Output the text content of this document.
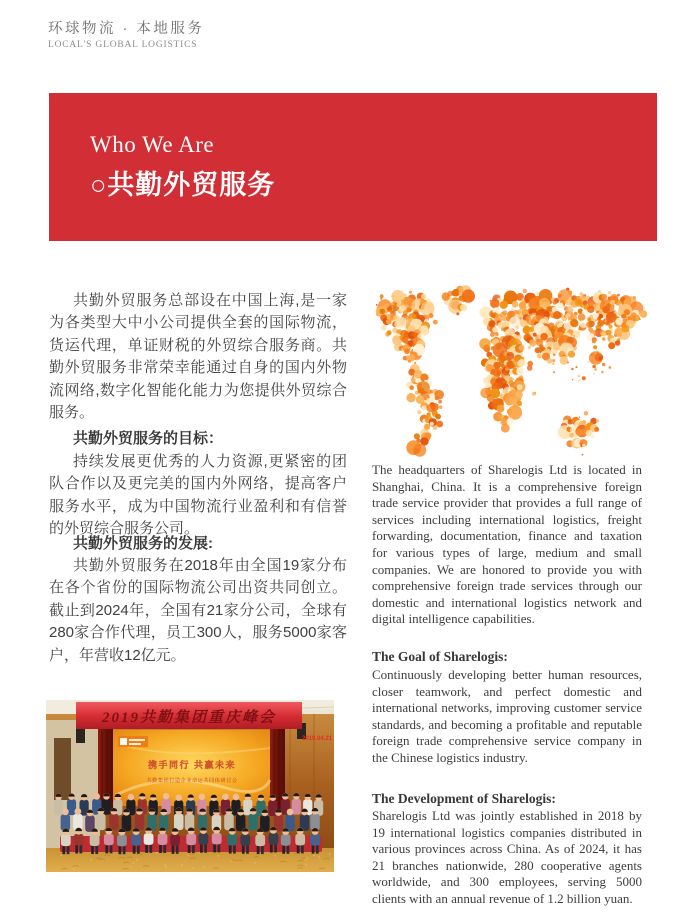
环球物流 · 本地服务
LOCAL'S GLOBAL LOGISTICS
Who We Are
○共勤外贸服务

共勤外贸服务总部设在中国上海,是一家为各类型大中小公司提供全套的国际物流，货运代理，单证财税的外贸综合服务商。共勤外贸服务非常荣幸能通过自身的国内外物流网络,数字化智能化能力为您提供外贸综合服务。

共勤外贸服务的目标：

持续发展更优秀的人力资源,更紧密的团队合作以及更完美的国内外网络，提高客户服务水平，成为中国物流行业盈利和有信誉的外贸综合服务公司。

共勤外贸服务的发展:

共勤外贸服务在2018年由全国19家分布在各个省份的国际物流公司出资共同创立。截止到2024年，全国有21家分公司，全球有280家合作代理，员工300人，服务5000家客户，年营收12亿元。

The headquarters of Sharelogis Ltd is located in Shanghai, China. It is a comprehensive foreign trade service provider that provides a full range of services including international logistics, freight forwarding, documentation, finance and taxation for various types of large, medium and small companies. We are honored to provide you with comprehensive foreign trade services through our domestic and international logistics network and digital intelligence capabilities.

The Goal of Sharelogis:

Continuously developing better human resources, closer teamwork, and perfect domestic and international networks, improving customer service standards, and becoming a profitable and reputable foreign trade comprehensive service company in the Chinese logistics industry.

The Development of Sharelogis:

Sharelogis Ltd was jointly established in 2018 by 19 international logistics companies distributed in various provinces across China. As of 2024, it has 21 branches nationwide, 280 cooperative agents worldwide, and 300 employees, serving 5000 clients with an annual revenue of 1.2 billion yuan.

2019共勤集团重庆峰会
2019.04.21
携手同行 共赢未来
共勤集团打造企业命运共同体研讨会
